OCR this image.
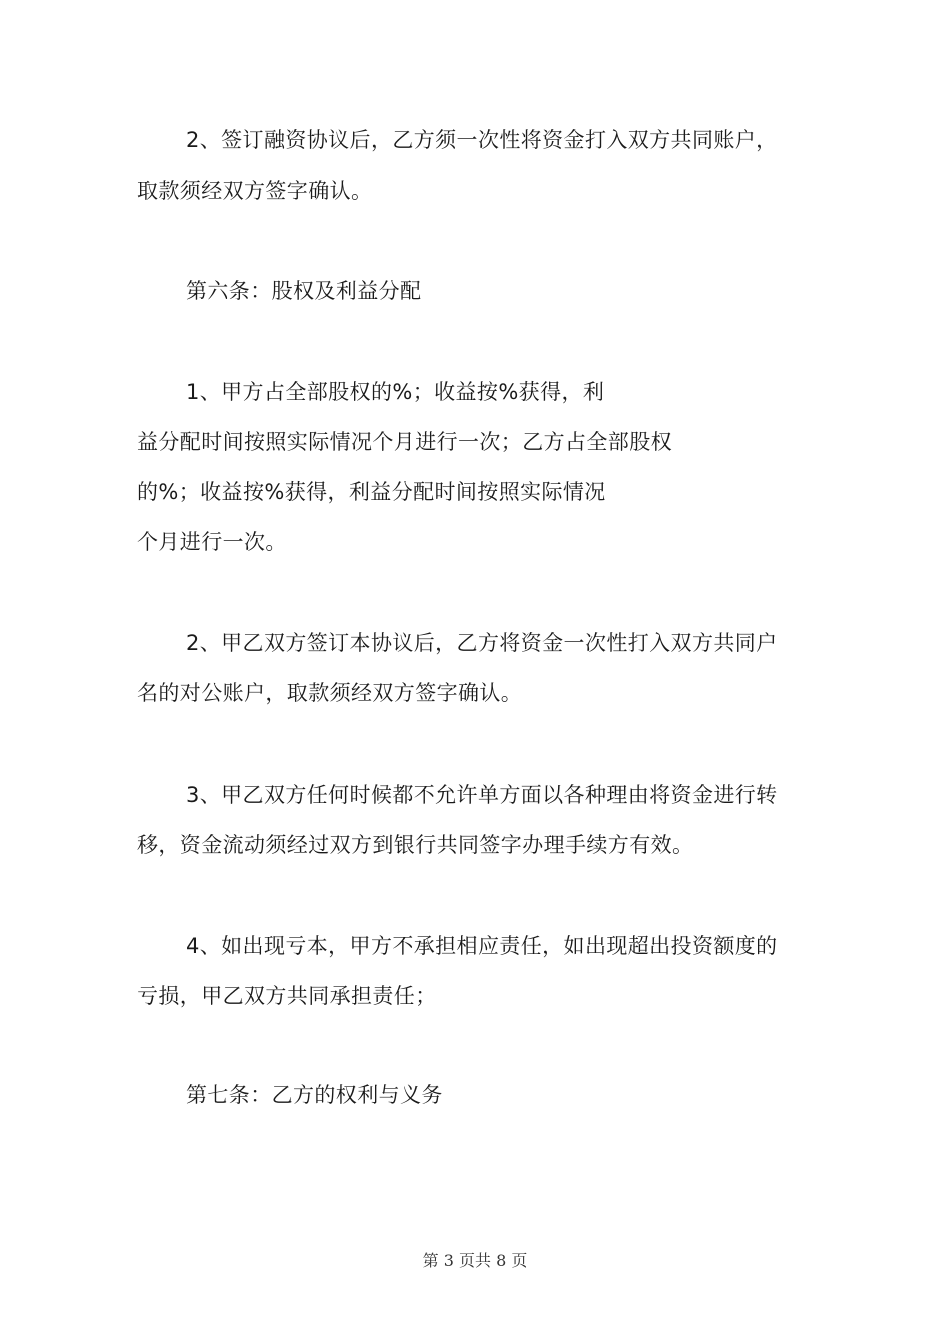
2、签订融资协议后，乙方须一次性将资金打入双方共同账户，
取款须经双方签字确认。
第六条：股权及利益分配
1、甲方占全部股权的%；收益按%获得，利
益分配时间按照实际情况个月进行一次；乙方占全部股权
的%；收益按%获得，利益分配时间按照实际情况
个月进行一次。
2、甲乙双方签订本协议后，乙方将资金一次性打入双方共同户
名的对公账户，取款须经双方签字确认。
3、甲乙双方任何时候都不允许单方面以各种理由将资金进行转
移，资金流动须经过双方到银行共同签字办理手续方有效。
4、如出现亏本，甲方不承担相应责任，如出现超出投资额度的
亏损，甲乙双方共同承担责任；
第七条：乙方的权利与义务
第 3 页共 8 页
